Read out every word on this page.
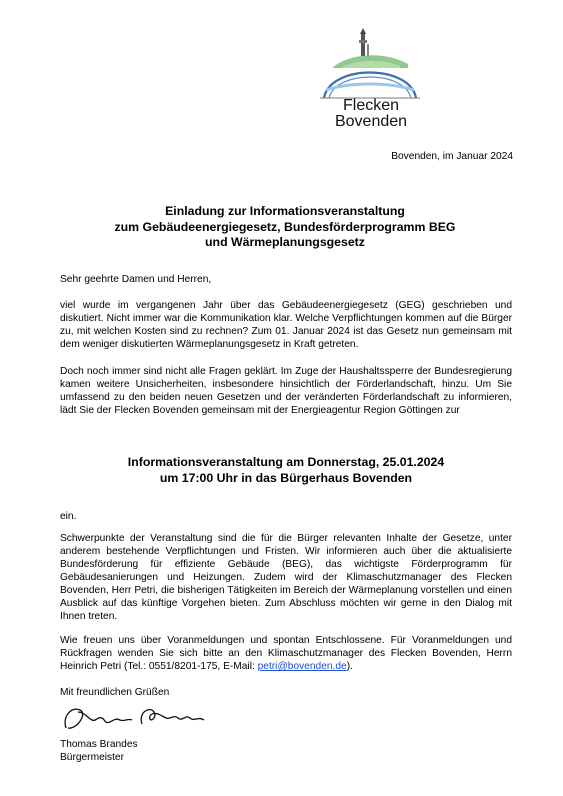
Flecken
Bovenden
Bovenden, im Januar 2024
Einladung zur Informationsveranstaltung
zum Gebäudeenergiegesetz, Bundesförderprogramm BEG
und Wärmeplanungsgesetz
Sehr geehrte Damen und Herren,
viel wurde im vergangenen Jahr über das Gebäudeenergiegesetz (GEG) geschrieben und diskutiert. Nicht immer war die Kommunikation klar. Welche Verpflichtungen kommen auf die Bürger zu, mit welchen Kosten sind zu rechnen? Zum 01. Januar 2024 ist das Gesetz nun gemeinsam mit dem weniger diskutierten Wärmeplanungsgesetz in Kraft getreten.
Doch noch immer sind nicht alle Fragen geklärt. Im Zuge der Haushaltssperre der Bundesregierung kamen weitere Unsicherheiten, insbesondere hinsichtlich der Förderlandschaft, hinzu. Um Sie umfassend zu den beiden neuen Gesetzen und der veränderten Förderlandschaft zu informieren, lädt Sie der Flecken Bovenden gemeinsam mit der Energieagentur Region Göttingen zur
Informationsveranstaltung am Donnerstag, 25.01.2024
um 17:00 Uhr in das Bürgerhaus Bovenden
ein.
Schwerpunkte der Veranstaltung sind die für die Bürger relevanten Inhalte der Gesetze, unter anderem bestehende Verpflichtungen und Fristen. Wir informieren auch über die aktualisierte Bundesförderung für effiziente Gebäude (BEG), das wichtigste Förderprogramm für Gebäudesanierungen und Heizungen. Zudem wird der Klimaschutzmanager des Flecken Bovenden, Herr Petri, die bisherigen Tätigkeiten im Bereich der Wärmeplanung vorstellen und einen Ausblick auf das künftige Vorgehen bieten. Zum Abschluss möchten wir gerne in den Dialog mit Ihnen treten.
Wie freuen uns über Voranmeldungen und spontan Entschlossene. Für Voranmeldungen und Rückfragen wenden Sie sich bitte an den Klimaschutzmanager des Flecken Bovenden, Herrn Heinrich Petri (Tel.: 0551/8201-175, E-Mail: petri@bovenden.de).
Mit freundlichen Grüßen
Thomas Brandes
Bürgermeister
